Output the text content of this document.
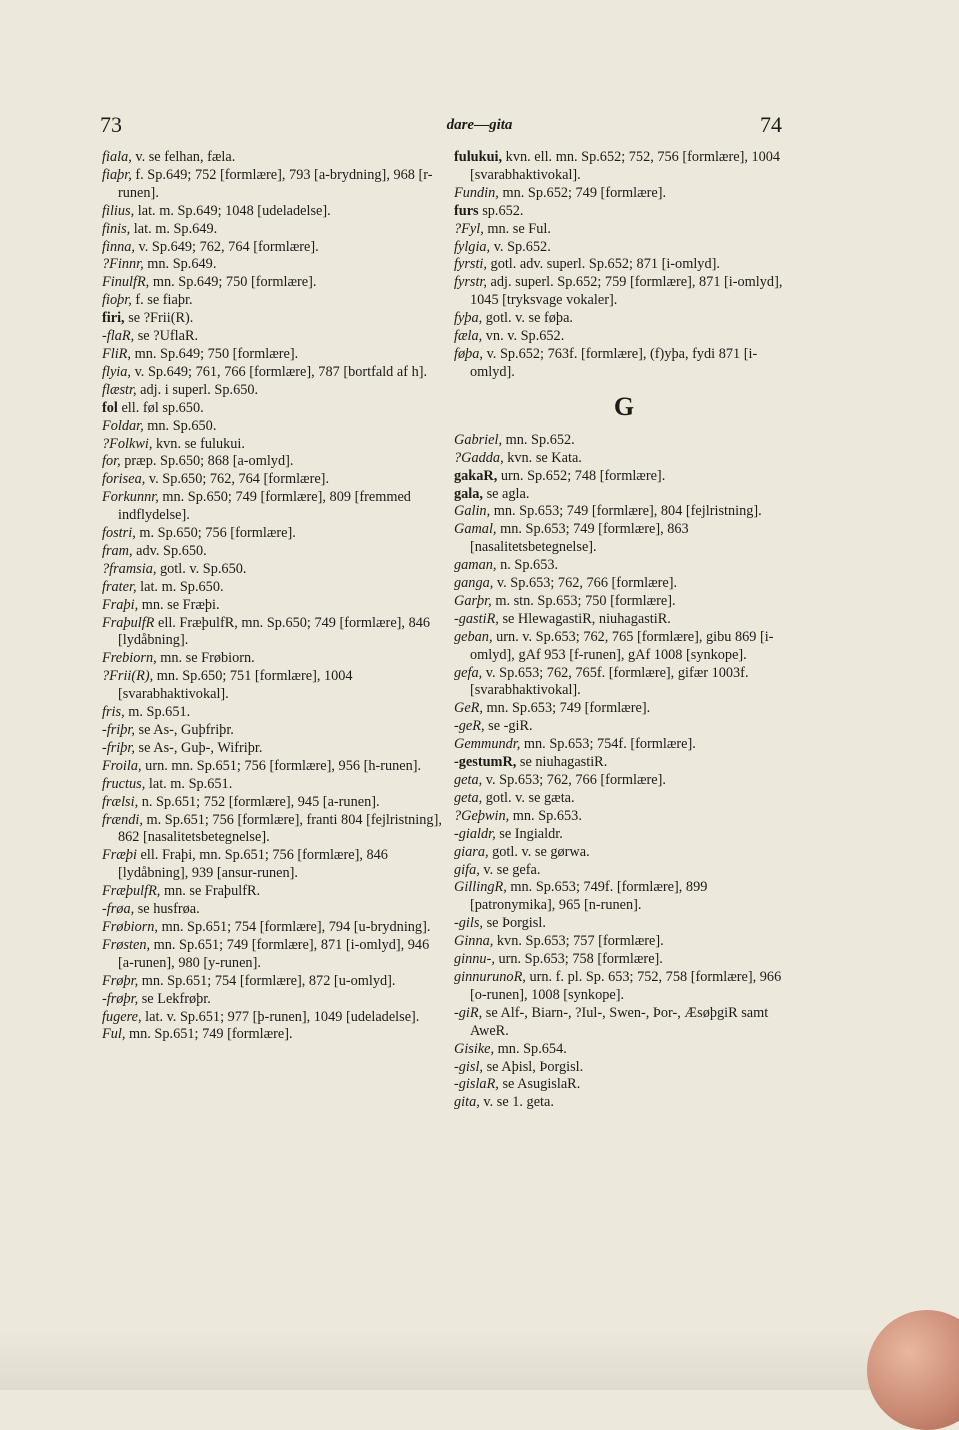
73	dare—gita	74

fiala, v. se felhan, fæla.

fiaþr, f. Sp.649; 752 [formlære], 793 [a-brydning], 968 [r-runen].

filius, lat. m. Sp.649; 1048 [udeladelse].

finis, lat. m. Sp.649.

finna, v. Sp.649; 762, 764 [formlære].

?Finnr, mn. Sp.649.

FinulfR, mn. Sp.649; 750 [formlære].

fioþr, f. se fiaþr.

firi, se ?Frii(R).

-flaR, se ?UflaR.

FliR, mn. Sp.649; 750 [formlære].

flyia, v. Sp.649; 761, 766 [formlære], 787 [bortfald af h].

flæstr, adj. i superl. Sp.650.

fol ell. føl sp.650.

Foldar, mn. Sp.650.

?Folkwi, kvn. se fulukui.

for, præp. Sp.650; 868 [a-omlyd].

forisea, v. Sp.650; 762, 764 [formlære].

Forkunnr, mn. Sp.650; 749 [formlære], 809 [fremmed indflydelse].

fostri, m. Sp.650; 756 [formlære].

fram, adv. Sp.650.

?framsia, gotl. v. Sp.650.

frater, lat. m. Sp.650.

Fraþi, mn. se Fræþi.

FraþulfR ell. FræþulfR, mn. Sp.650; 749 [formlære], 846 [lydåbning].

Frebiorn, mn. se Frøbiorn.

?Frii(R), mn. Sp.650; 751 [formlære], 1004 [svarabhaktivokal].

fris, m. Sp.651.

-friþr, se As-, Guþfriþr.

-friþr, se As-, Guþ-, Wifriþr.

Froila, urn. mn. Sp.651; 756 [formlære], 956 [h-runen].

fructus, lat. m. Sp.651.

frælsi, n. Sp.651; 752 [formlære], 945 [a-runen].

frændi, m. Sp.651; 756 [formlære], franti 804 [fejlristning], 862 [nasalitetsbetegnelse].

Fræþi ell. Fraþi, mn. Sp.651; 756 [formlære], 846 [lydåbning], 939 [ansur-runen].

FræþulfR, mn. se FraþulfR.

-frøa, se husfrøa.

Frøbiorn, mn. Sp.651; 754 [formlære], 794 [u-brydning].

Frøsten, mn. Sp.651; 749 [formlære], 871 [i-omlyd], 946 [a-runen], 980 [y-runen].

Frøþr, mn. Sp.651; 754 [formlære], 872 [u-omlyd].

-frøþr, se Lekfrøþr.

fugere, lat. v. Sp.651; 977 [þ-runen], 1049 [udeladelse].

Ful, mn. Sp.651; 749 [formlære].

fulukui, kvn. ell. mn. Sp.652; 752, 756 [formlære], 1004 [svarabhaktivokal].

Fundin, mn. Sp.652; 749 [formlære].

furs sp.652.

?Fyl, mn. se Ful.

fylgia, v. Sp.652.

fyrsti, gotl. adv. superl. Sp.652; 871 [i-omlyd].

fyrstr, adj. superl. Sp.652; 759 [formlære], 871 [i-omlyd], 1045 [tryksvage vokaler].

fyþa, gotl. v. se føþa.

fæla, vn. v. Sp.652.

føþa, v. Sp.652; 763f. [formlære], (f)yþa, fydi 871 [i-omlyd].

G

Gabriel, mn. Sp.652.

?Gadda, kvn. se Kata.

gakaR, urn. Sp.652; 748 [formlære].

gala, se agla.

Galin, mn. Sp.653; 749 [formlære], 804 [fejlristning].

Gamal, mn. Sp.653; 749 [formlære], 863 [nasalitetsbetegnelse].

gaman, n. Sp.653.

ganga, v. Sp.653; 762, 766 [formlære].

Garþr, m. stn. Sp.653; 750 [formlære].

-gastiR, se HlewagastiR, niuhagastiR.

geban, urn. v. Sp.653; 762, 765 [formlære], gibu 869 [i-omlyd], gAf 953 [f-runen], gAf 1008 [synkope].

gefa, v. Sp.653; 762, 765f. [formlære], gifær 1003f. [svarabhaktivokal].

GeR, mn. Sp.653; 749 [formlære].

-geR, se -giR.

Gemmundr, mn. Sp.653; 754f. [formlære].

-gestumR, se niuhagastiR.

geta, v. Sp.653; 762, 766 [formlære].

geta, gotl. v. se gæta.

?Geþwin, mn. Sp.653.

-gialdr, se Ingialdr.

giara, gotl. v. se gørwa.

gifa, v. se gefa.

GillingR, mn. Sp.653; 749f. [formlære], 899 [patronymika], 965 [n-runen].

-gils, se Þorgisl.

Ginna, kvn. Sp.653; 757 [formlære].

ginnu-, urn. Sp.653; 758 [formlære].

ginnurunoR, urn. f. pl. Sp. 653; 752, 758 [formlære], 966 [o-runen], 1008 [synkope].

-giR, se Alf-, Biarn-, ?Iul-, Swen-, Þor-, ÆsøþgiR samt AweR.

Gisike, mn. Sp.654.

-gisl, se Aþisl, Þorgisl.

-gislaR, se AsugislaR.

gita, v. se 1. geta.
